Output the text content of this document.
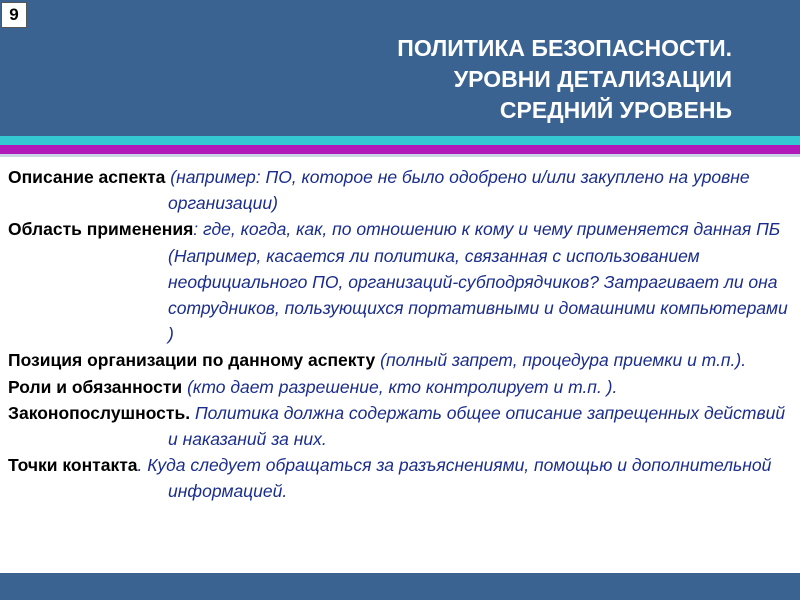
9
ПОЛИТИКА БЕЗОПАСНОСТИ.
УРОВНИ ДЕТАЛИЗАЦИИ
СРЕДНИЙ УРОВЕНЬ

Описание аспекта (например: ПО, которое не было одобрено и/или закуплено на уровне организации)

Область применения: где, когда, как, по отношению к кому и чему применяется данная ПБ (Например, касается ли политика, связанная с использованием неофициального ПО, организаций-субподрядчиков? Затрагивает ли она сотрудников, пользующихся портативными и домашними компьютерами )

Позиция организации по данному аспекту (полный запрет, процедура приемки и т.п.).

Роли и обязанности (кто дает разрешение, кто контролирует и т.п. ).

Законопослушность. Политика должна содержать общее описание запрещенных действий и наказаний за них.

Точки контакта. Куда следует обращаться за разъяснениями, помощью и дополнительной информацией.
